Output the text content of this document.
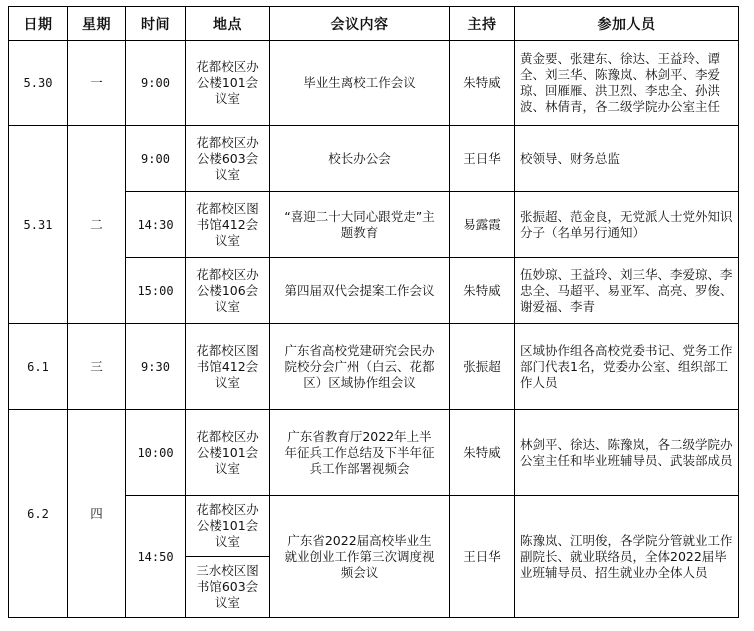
日期	星期	时间	地点	会议内容	主持	参加人员
5.30	一	9:00	花都校区办公楼101会议室	毕业生离校工作会议	朱特威	黄金要、张建东、徐达、王益玲、谭全、刘三华、陈豫岚、林剑平、李爱琼、回雁雁、洪卫烈、李忠全、孙洪波、林倩青，各二级学院办公室主任
5.31	二	9:00	花都校区办公楼603会议室	校长办公会	王日华	校领导、财务总监
		14:30	花都校区图书馆412会议室	“喜迎二十大同心跟党走”主题教育	易露霞	张振超、范金良，无党派人士党外知识分子（名单另行通知）
		15:00	花都校区办公楼106会议室	第四届双代会提案工作会议	朱特威	伍妙琼、王益玲、刘三华、李爱琼、李忠全、马超平、易亚军、高亮、罗俊、谢爱福、李青
6.1	三	9:30	花都校区图书馆412会议室	广东省高校党建研究会民办院校分会广州（白云、花都区）区域协作组会议	张振超	区域协作组各高校党委书记、党务工作部门代表1名，党委办公室、组织部工作人员
6.2	四	10:00	花都校区办公楼101会议室	广东省教育厅2022年上半年征兵工作总结及下半年征兵工作部署视频会	朱特威	林剑平、徐达、陈豫岚，各二级学院办公室主任和毕业班辅导员、武装部成员
		14:50	花都校区办公楼101会议室	广东省2022届高校毕业生就业创业工作第三次调度视频会议	王日华	陈豫岚、江明俊，各学院分管就业工作副院长、就业联络员，全体2022届毕业班辅导员、招生就业办全体人员
			三水校区图书馆603会议室			
